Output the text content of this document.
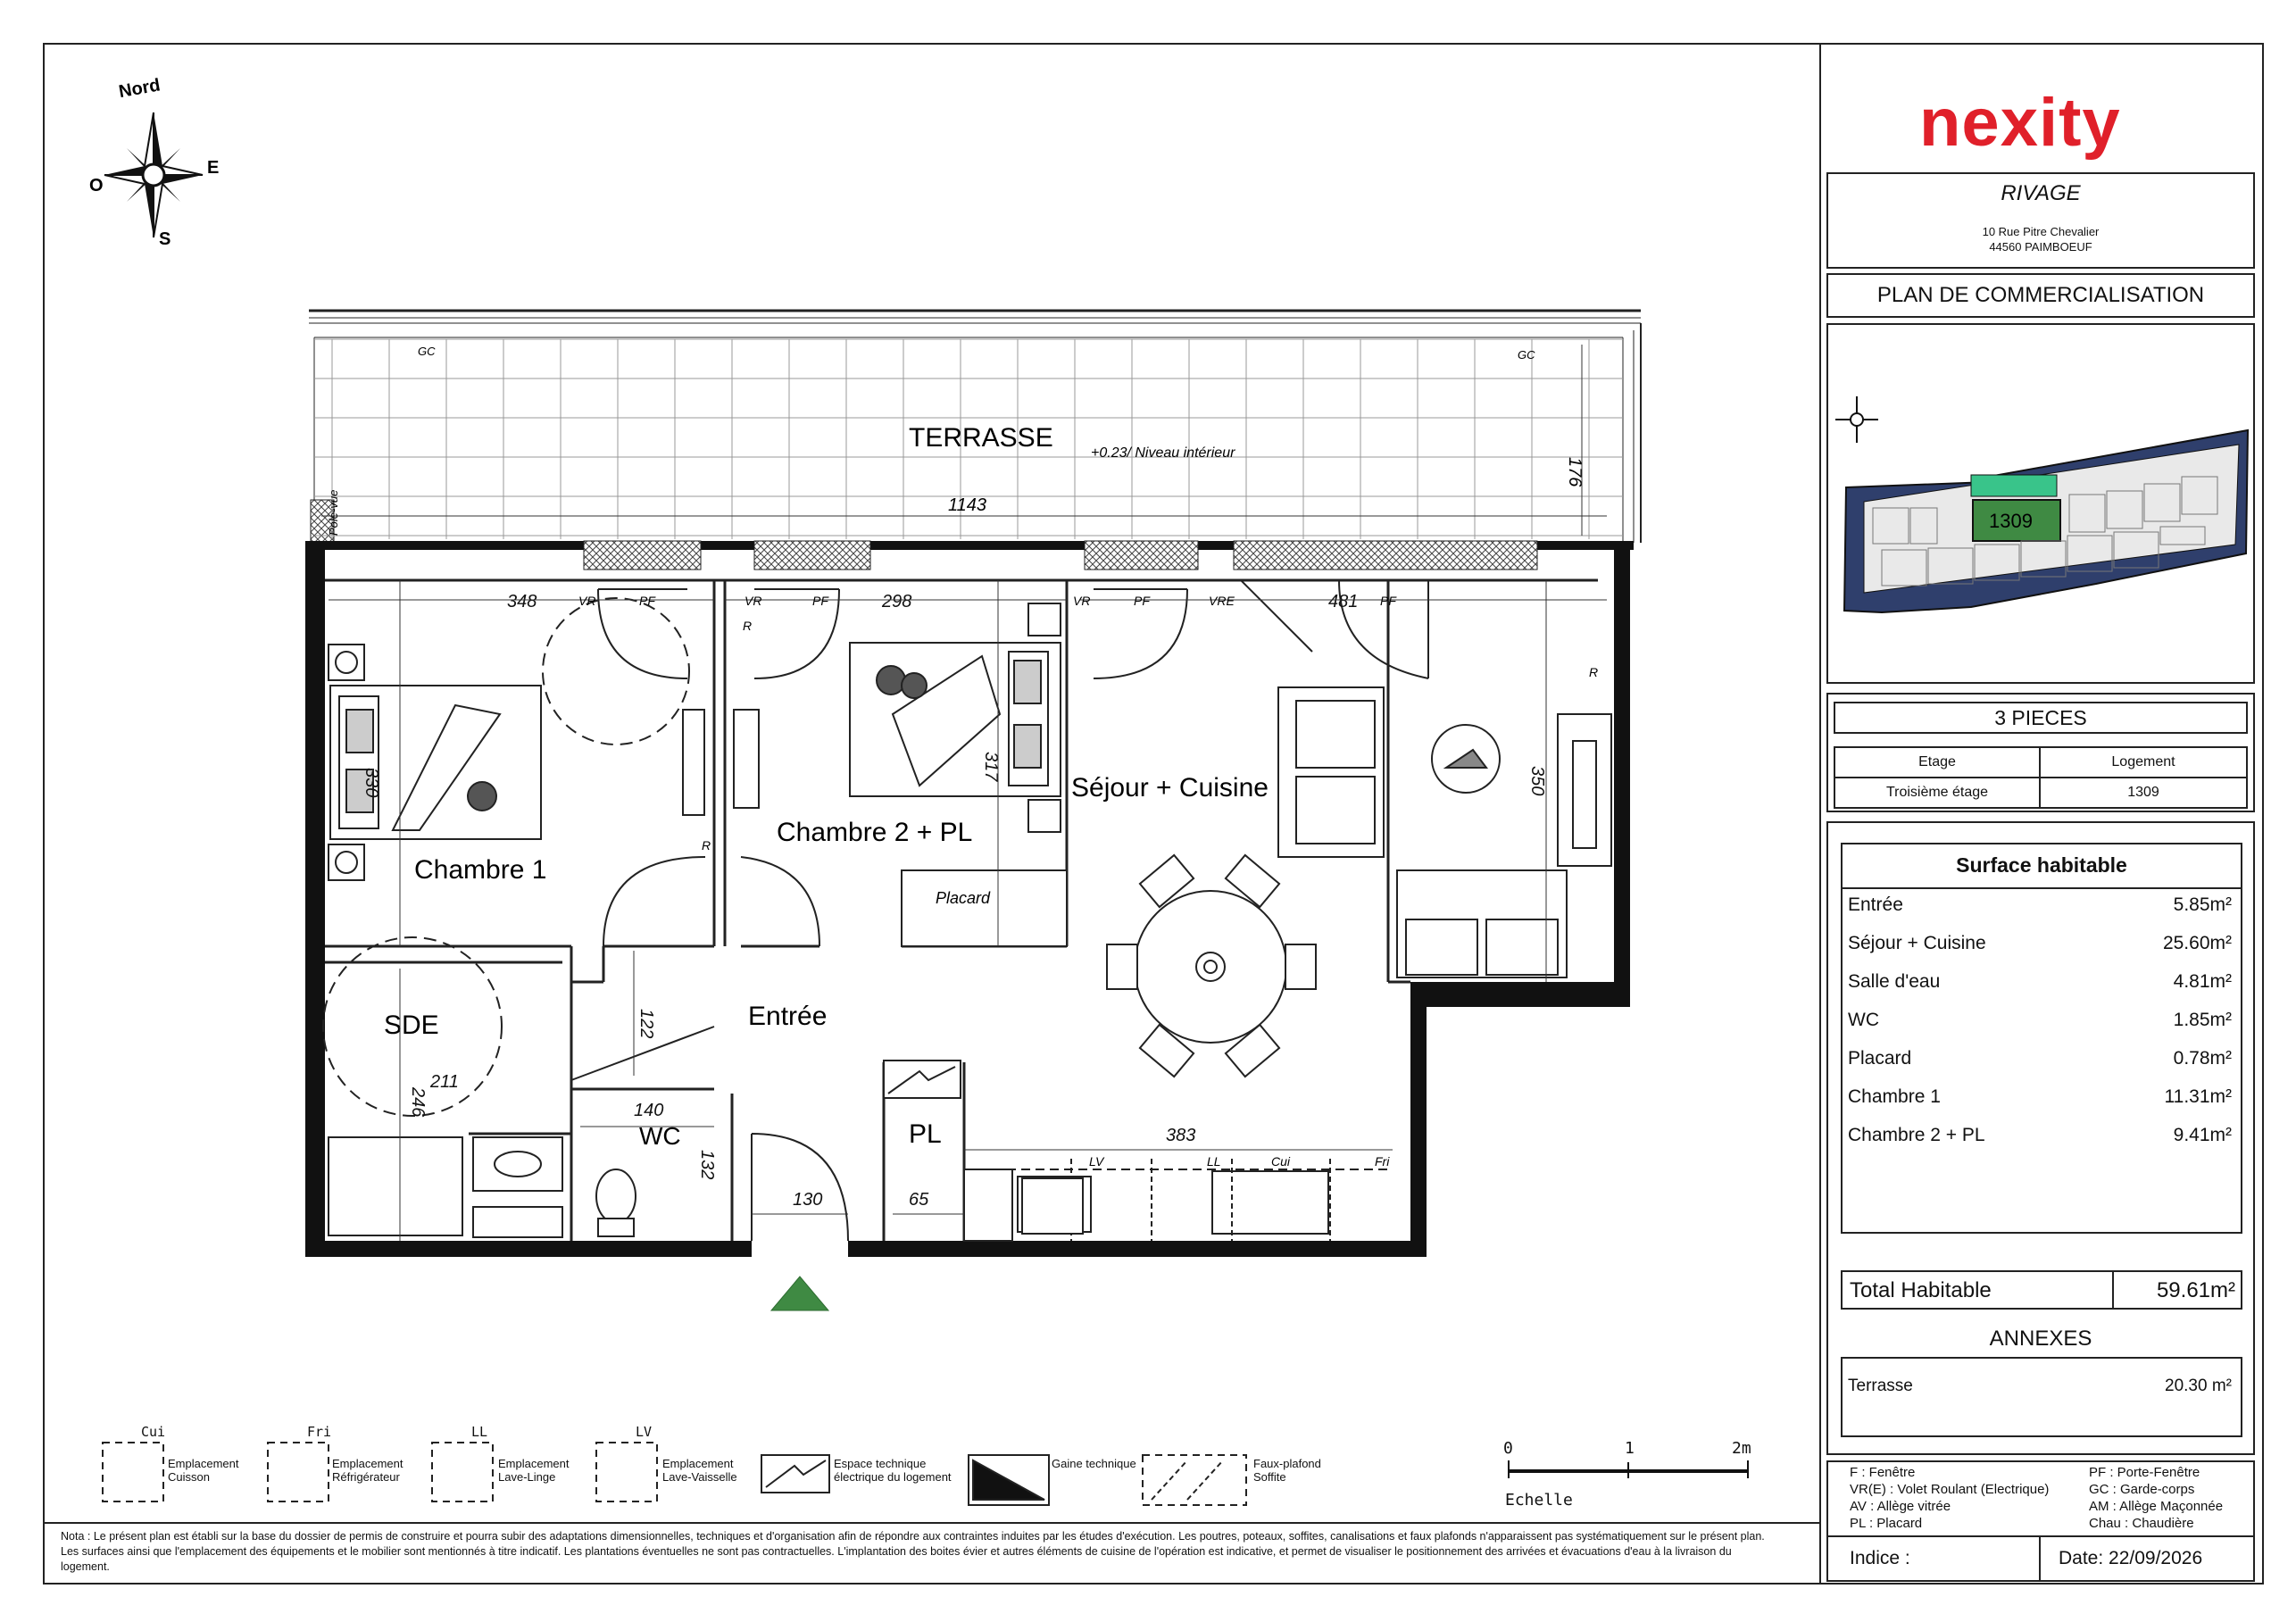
Nord
E
S
O
TERRASSE
+0.23/ Niveau intérieur
1143
176
GC	GC
Pole-vue
Placard
Chambre 1
Chambre 2 + PL
Séjour + Cuisine
Entrée
SDE
WC	PL
348	298	481
330
317	350
122
211
246	140
132
130	65
383
VR	PF	VR	PF	VR	PF	VRE	PF
R
R
R
LV	LL	Cui	Fri
Cui	Fri	LL	LV
Emplacement
Cuisson
Emplacement
Réfrigérateur
Emplacement
Lave-Linge
Emplacement
Lave-Vaisselle
Espace technique
électrique du logement
Gaine technique	Faux-plafond
Soffite
0	1	2m
Echelle
Nota : Le présent plan est établi sur la base du dossier de permis de construire et pourra subir des adaptations dimensionnelles, techniques et d'organisation afin de répondre aux contraintes induites par les études d'exécution. Les poutres, poteaux, soffites, canalisations et faux plafonds n'apparaissent pas systématiquement sur le présent plan. Les surfaces ainsi que l'emplacement des équipements et le mobilier sont mentionnés à titre indicatif. Les plantations éventuelles ne sont pas contractuelles. L'implantation des boites évier et autres éléments de cuisine de l'opération est indicative, et permet de visualiser le positionnement des arrivées et évacuations d'eau à la livraison du logement.
nexity
RIVAGE
10 Rue Pitre Chevalier
44560 PAIMBOEUF
PLAN DE COMMERCIALISATION
1309
3 PIECES
Etage	Logement
Troisième étage	1309
Surface habitable
Entrée	5.85m²
Séjour + Cuisine	25.60m²
Salle d'eau	4.81m²
WC	1.85m²
Placard	0.78m²
Chambre 1	11.31m²
Chambre 2 + PL	9.41m²
Total Habitable	59.61m²
ANNEXES
Terrasse	20.30 m²
F : Fenêtre
VR(E) : Volet Roulant (Electrique)
AV : Allège vitrée
PL : Placard
PF : Porte-Fenêtre
GC : Garde-corps
AM : Allège Maçonnée
Chau : Chaudière
Indice :	Date: 22/09/2026
